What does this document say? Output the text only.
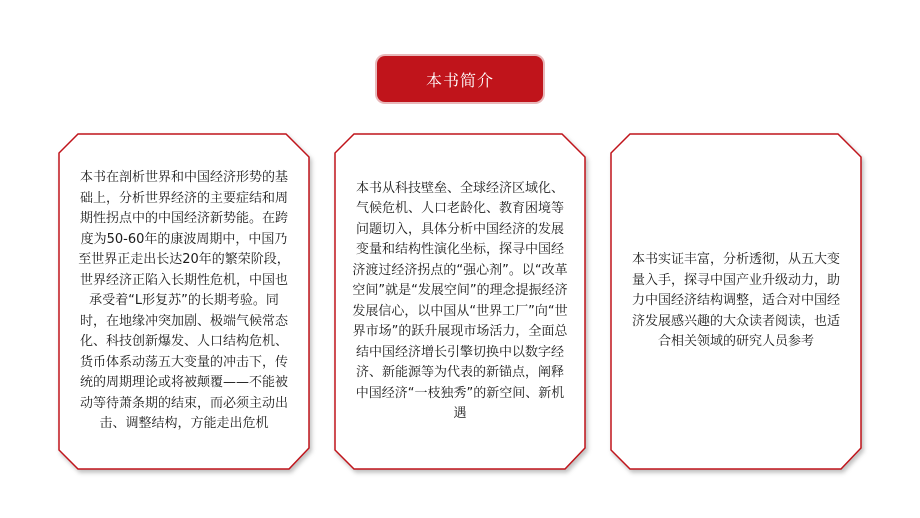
本书简介
本书在剖析世界和中国经济形势的基础上，分析世界经济的主要症结和周期性拐点中的中国经济新势能。在跨度为50-60年的康波周期中，中国乃至世界正走出长达20年的繁荣阶段，世界经济正陷入长期性危机，中国也承受着“L形复苏”的长期考验。同时，在地缘冲突加剧、极端气候常态化、科技创新爆发、人口结构危机、货币体系动荡五大变量的冲击下，传统的周期理论或将被颠覆——不能被动等待萧条期的结束，而必须主动出击、调整结构，方能走出危机
本书从科技壁垒、全球经济区域化、气候危机、人口老龄化、教育困境等问题切入，具体分析中国经济的发展变量和结构性演化坐标，探寻中国经济渡过经济拐点的“强心剂”。以“改革空间”就是“发展空间”的理念提振经济发展信心，以中国从“世界工厂”向“世界市场”的跃升展现市场活力，全面总结中国经济增长引擎切换中以数字经济、新能源等为代表的新锚点，阐释中国经济“一枝独秀”的新空间、新机遇
本书实证丰富，分析透彻，从五大变量入手，探寻中国产业升级动力，助力中国经济结构调整，适合对中国经济发展感兴趣的大众读者阅读，也适合相关领域的研究人员参考
